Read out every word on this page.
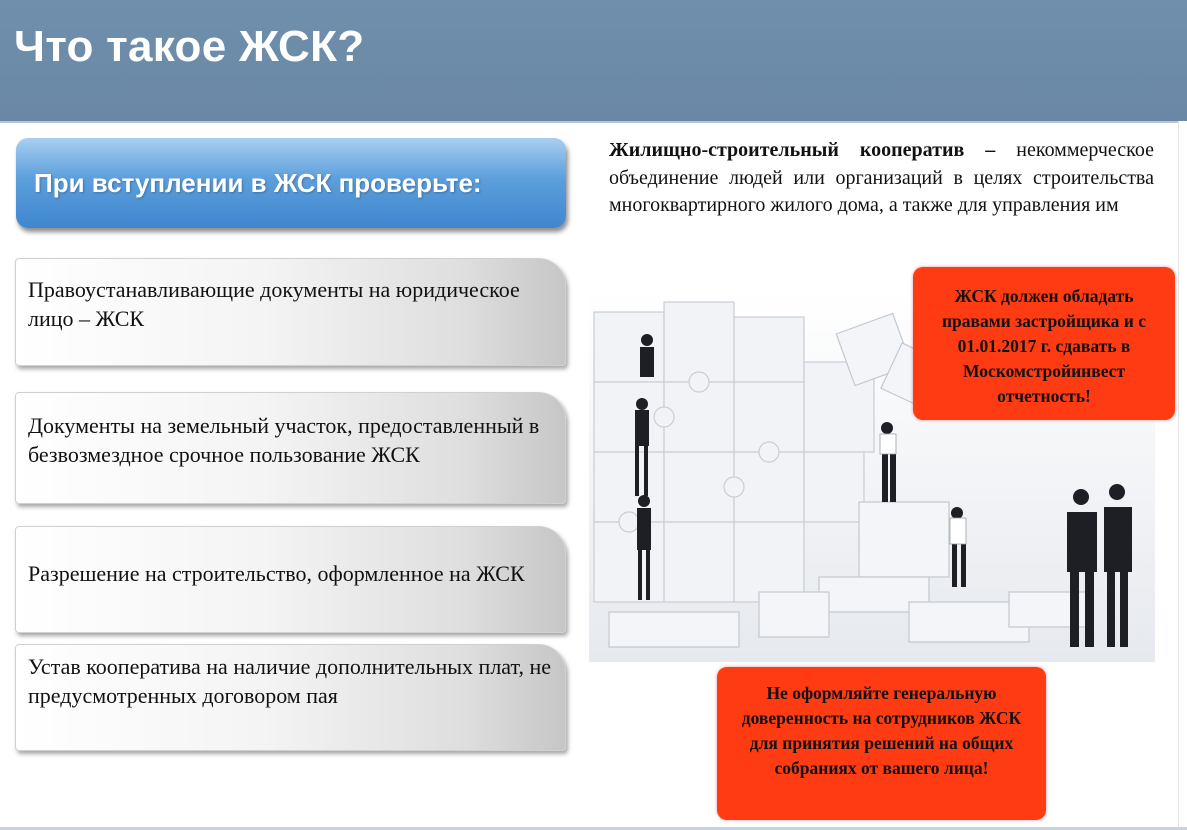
Что такое ЖСК?
При вступлении в ЖСК проверьте:
Правоустанавливающие документы на юридическое лицо – ЖСК
Документы на земельный участок, предоставленный в безвозмездное срочное пользование ЖСК
Разрешение на строительство, оформленное на ЖСК
Устав кооператива на наличие дополнительных плат, не предусмотренных договором пая
Жилищно-строительный кооператив – некоммерческое объединение людей или организаций в целях строительства многоквартирного жилого дома, а также для управления им
ЖСК должен обладать правами застройщика и с 01.01.2017 г. сдавать в Москомстройинвест отчетность!
Не оформляйте генеральную доверенность на сотрудников ЖСК для принятия решений на общих собраниях от вашего лица!
